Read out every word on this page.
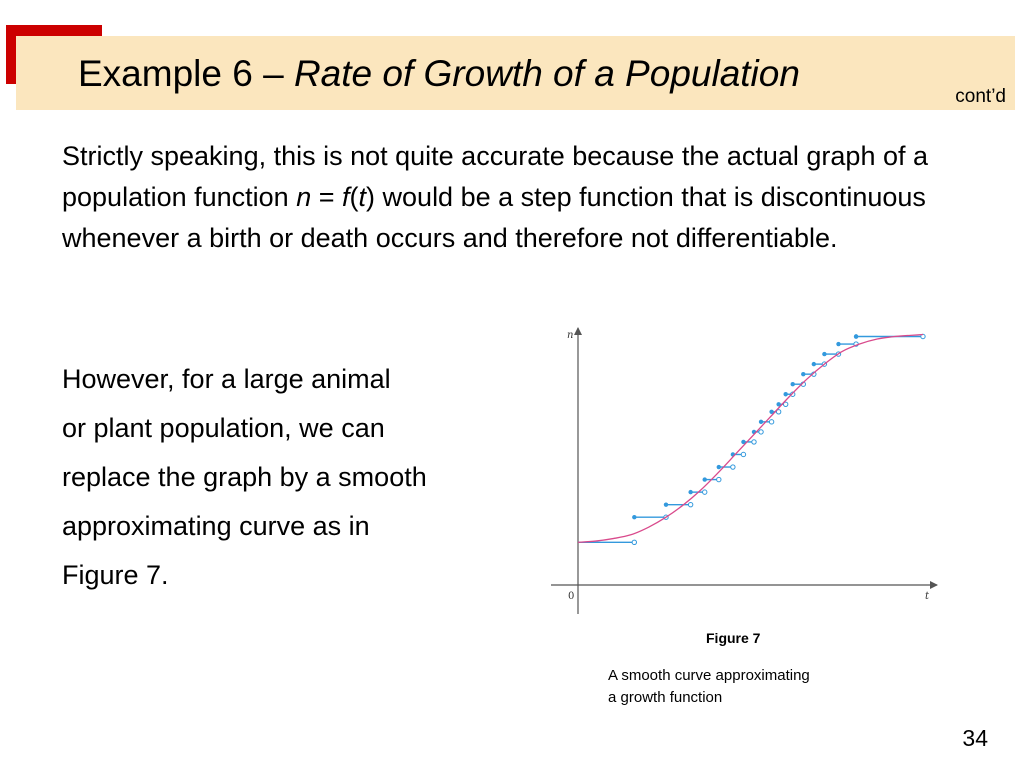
Example 6 – Rate of Growth of a Population
cont’d

Strictly speaking, this is not quite accurate because the actual graph of a population function n = f(t) would be a step function that is discontinuous whenever a birth or death occurs and therefore not differentiable.

However, for a large animal
or plant population, we can
replace the graph by a smooth
approximating curve as in
Figure 7.

n
t
0
Figure 7

A smooth curve approximating
a growth function

34
